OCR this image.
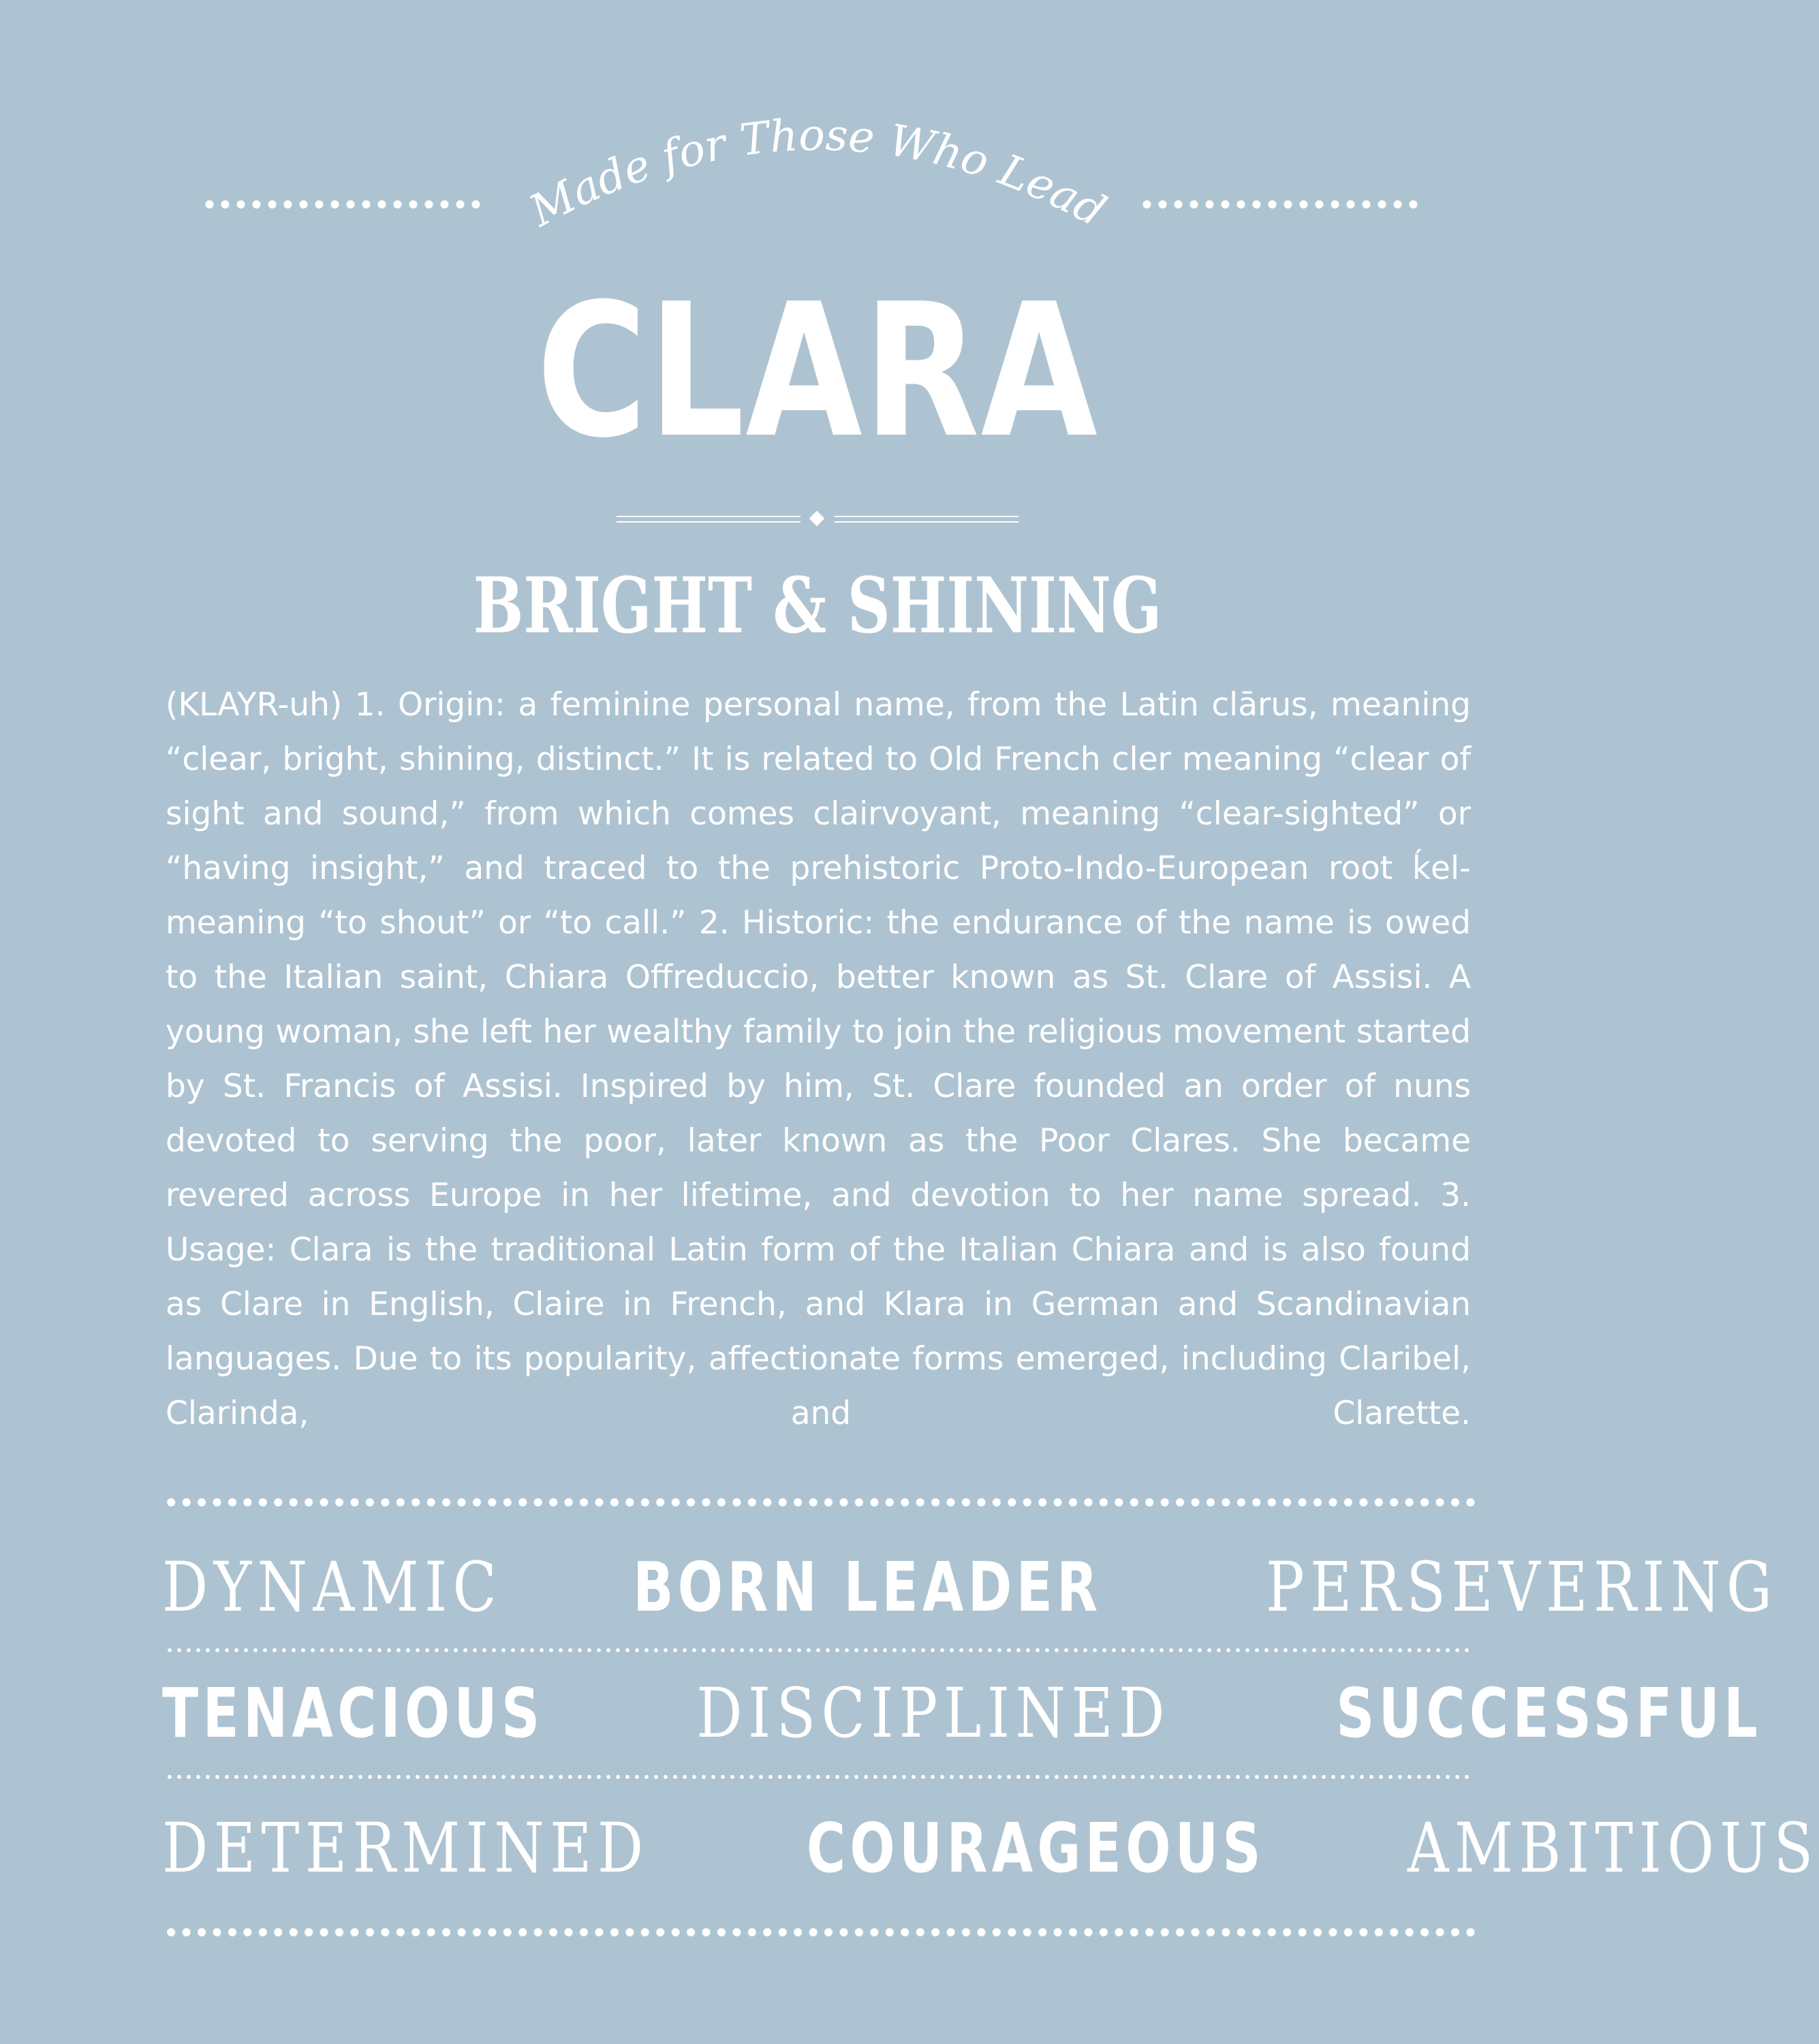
Made for Those Who Lead
CLARA
BRIGHT & SHINING

(KLAYR-uh) 1. Origin: a feminine personal name, from the Latin clārus, meaning “clear, bright, shining, distinct.” It is related to Old French cler meaning “clear of sight and sound,” from which comes clairvoyant, meaning “clear-sighted” or “having insight,” and traced to the prehistoric Proto-Indo-European root ḱel- meaning “to shout” or “to call.” 2. Historic: the endurance of the name is owed to the Italian saint, Chiara Offreduccio, better known as St. Clare of Assisi. A young woman, she left her wealthy family to join the religious movement started by St. Francis of Assisi. Inspired by him, St. Clare founded an order of nuns devoted to serving the poor, later known as the Poor Clares. She became revered across Europe in her lifetime, and devotion to her name spread. 3. Usage: Clara is the traditional Latin form of the Italian Chiara and is also found as Clare in English, Claire in French, and Klara in German and Scandinavian languages. Due to its popularity, affectionate forms emerged, including Claribel, Clarinda, and Clarette.

DYNAMIC BORN LEADER PERSEVERING
TENACIOUS DISCIPLINED SUCCESSFUL
DETERMINED COURAGEOUS AMBITIOUS
